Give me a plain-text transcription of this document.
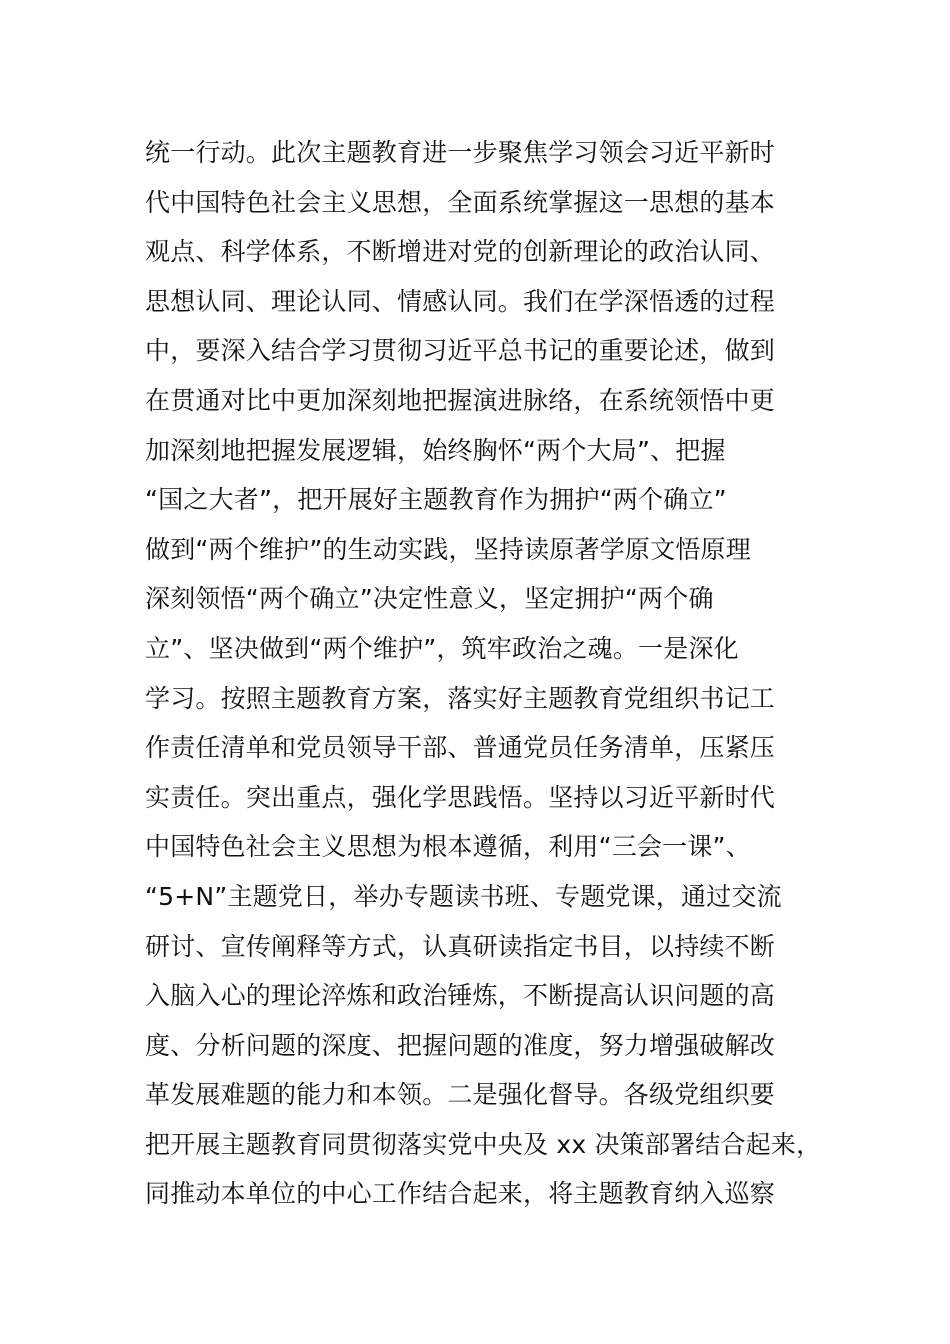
统一行动。此次主题教育进一步聚焦学习领会习近平新时
代中国特色社会主义思想，全面系统掌握这一思想的基本
观点、科学体系，不断增进对党的创新理论的政治认同、
思想认同、理论认同、情感认同。我们在学深悟透的过程
中，要深入结合学习贯彻习近平总书记的重要论述，做到
在贯通对比中更加深刻地把握演进脉络，在系统领悟中更
加深刻地把握发展逻辑，始终胸怀“两个大局”、把握
“国之大者”，把开展好主题教育作为拥护“两个确立”
做到“两个维护”的生动实践，坚持读原著学原文悟原理
深刻领悟“两个确立”决定性意义，坚定拥护“两个确
立”、坚决做到“两个维护”，筑牢政治之魂。一是深化
学习。按照主题教育方案，落实好主题教育党组织书记工
作责任清单和党员领导干部、普通党员任务清单，压紧压
实责任。突出重点，强化学思践悟。坚持以习近平新时代
中国特色社会主义思想为根本遵循，利用“三会一课”、
“5+N”主题党日，举办专题读书班、专题党课，通过交流
研讨、宣传阐释等方式，认真研读指定书目，以持续不断
入脑入心的理论淬炼和政治锤炼，不断提高认识问题的高
度、分析问题的深度、把握问题的准度，努力增强破解改
革发展难题的能力和本领。二是强化督导。各级党组织要
把开展主题教育同贯彻落实党中央及 xx 决策部署结合起来，
同推动本单位的中心工作结合起来，将主题教育纳入巡察
